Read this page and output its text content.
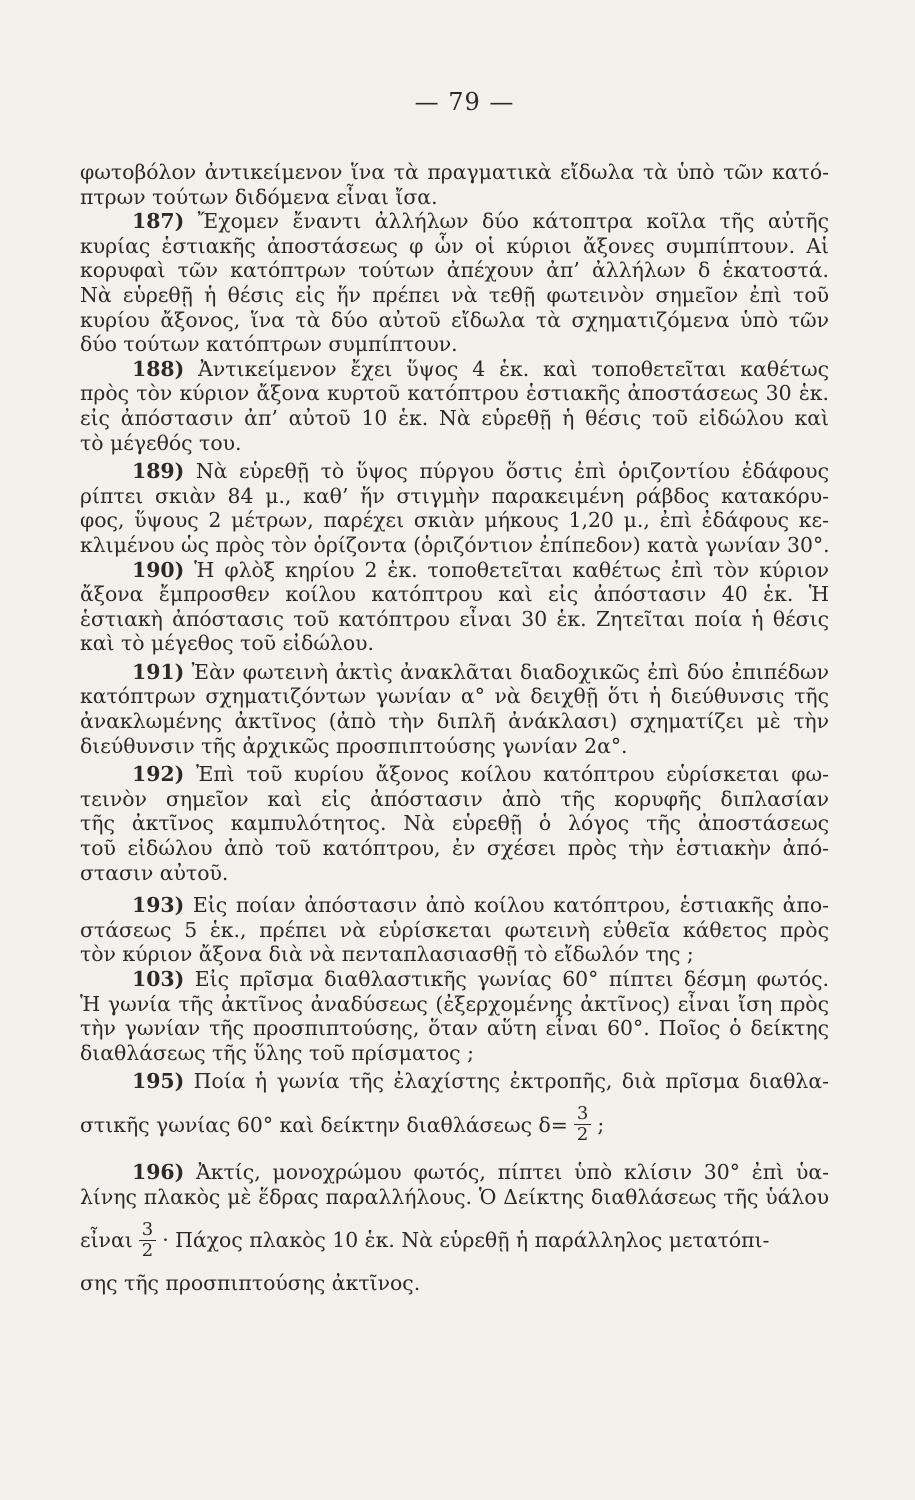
— 79 —
φωτοβόλον ἀντικείμενον ἵνα τὰ πραγματικὰ εἴδωλα τὰ ὑπὸ τῶν κατό-
πτρων τούτων διδόμενα εἶναι ἴσα.
187) Ἔχομεν ἔναντι ἀλλήλων δύο κάτοπτρα κοῖλα τῆς αὐτῆς
κυρίας ἑστιακῆς ἀποστάσεως φ ὧν οἱ κύριοι ἄξονες συμπίπτουν. Αἱ
κορυφαὶ τῶν κατόπτρων τούτων ἀπέχουν ἀπ’ ἀλλήλων δ ἑκατοστά.
Νὰ εὑρεθῇ ἡ θέσις εἰς ἥν πρέπει νὰ τεθῇ φωτεινὸν σημεῖον ἐπὶ τοῦ
κυρίου ἄξονος, ἵνα τὰ δύο αὐτοῦ εἴδωλα τὰ σχηματιζόμενα ὑπὸ τῶν
δύο τούτων κατόπτρων συμπίπτουν.
188) Ἀντικείμενον ἔχει ὕψος 4 ἑκ. καὶ τοποθετεῖται καθέτως
πρὸς τὸν κύριον ἄξονα κυρτοῦ κατόπτρου ἑστιακῆς ἀποστάσεως 30 ἑκ.
εἰς ἀπόστασιν ἀπ’ αὐτοῦ 10 ἑκ. Νὰ εὑρεθῇ ἡ θέσις τοῦ εἰδώλου καὶ
τὸ μέγεθός του.
189) Νὰ εὑρεθῇ τὸ ὕψος πύργου ὅστις ἐπὶ ὁριζοντίου ἐδάφους
ρίπτει σκιὰν 84 μ., καθ’ ἥν στιγμὴν παρακειμένη ράβδος κατακόρυ-
φος, ὕψους 2 μέτρων, παρέχει σκιὰν μήκους 1,20 μ., ἐπὶ ἐδάφους κε-
κλιμένου ὡς πρὸς τὸν ὁρίζοντα (ὁριζόντιον ἐπίπεδον) κατὰ γωνίαν 30°.
190) Ἡ φλὸξ κηρίου 2 ἑκ. τοποθετεῖται καθέτως ἐπὶ τὸν κύριον
ἄξονα ἔμπροσθεν κοίλου κατόπτρου καὶ εἰς ἀπόστασιν 40 ἑκ. Ἡ
ἑστιακὴ ἀπόστασις τοῦ κατόπτρου εἶναι 30 ἑκ. Ζητεῖται ποία ἡ θέσις
καὶ τὸ μέγεθος τοῦ εἰδώλου.
191) Ἐὰν φωτεινὴ ἀκτὶς ἀνακλᾶται διαδοχικῶς ἐπὶ δύο ἐπιπέδων
κατόπτρων σχηματιζόντων γωνίαν α° νὰ δειχθῇ ὅτι ἡ διεύθυνσις τῆς
ἀνακλωμένης ἀκτῖνος (ἀπὸ τὴν διπλῆ ἀνάκλασι) σχηματίζει μὲ τὴν
διεύθυνσιν τῆς ἀρχικῶς προσπιπτούσης γωνίαν 2α°.
192) Ἐπὶ τοῦ κυρίου ἄξονος κοίλου κατόπτρου εὑρίσκεται φω-
τεινὸν σημεῖον καὶ εἰς ἀπόστασιν ἀπὸ τῆς κορυφῆς διπλασίαν
τῆς ἀκτῖνος καμπυλότητος. Νὰ εὑρεθῇ ὁ λόγος τῆς ἀποστάσεως
τοῦ εἰδώλου ἀπὸ τοῦ κατόπτρου, ἐν σχέσει πρὸς τὴν ἑστιακὴν ἀπό-
στασιν αὐτοῦ.
193) Εἰς ποίαν ἀπόστασιν ἀπὸ κοίλου κατόπτρου, ἑστιακῆς ἀπο-
στάσεως 5 ἑκ., πρέπει νὰ εὑρίσκεται φωτεινὴ εὐθεῖα κάθετος πρὸς
τὸν κύριον ἄξονα διὰ νὰ πενταπλασιασθῇ τὸ εἴδωλόν της ;
103) Εἰς πρῖσμα διαθλαστικῆς γωνίας 60° πίπτει δέσμη φωτός.
Ἡ γωνία τῆς ἀκτῖνος ἀναδύσεως (ἐξερχομένης ἀκτῖνος) εἶναι ἴση πρὸς
τὴν γωνίαν τῆς προσπιπτούσης, ὅταν αὕτη εἶναι 60°. Ποῖος ὁ δείκτης
διαθλάσεως τῆς ὕλης τοῦ πρίσματος ;
195) Ποία ἡ γωνία τῆς ἐλαχίστης ἐκτροπῆς, διὰ πρῖσμα διαθλα-
στικῆς γωνίας 60° καὶ δείκτην διαθλάσεως $\delta= \frac{3}{2}$ ;
196) Ἀκτίς, μονοχρώμου φωτός, πίπτει ὑπὸ κλίσιν 30° ἐπὶ ὑα-
λίνης πλακὸς μὲ ἕδρας παραλλήλους. Ὁ Δείκτης διαθλάσεως τῆς ὑάλου
εἶναι $\frac{3}{2} \cdot \Pi ά\chi o\varsigma$ πλακὸς 10 ἑκ. Νὰ εὑρεθῇ ἡ παράλληλος μετατόπι-
σης τῆς προσπιπτούσης ἀκτῖνος.
